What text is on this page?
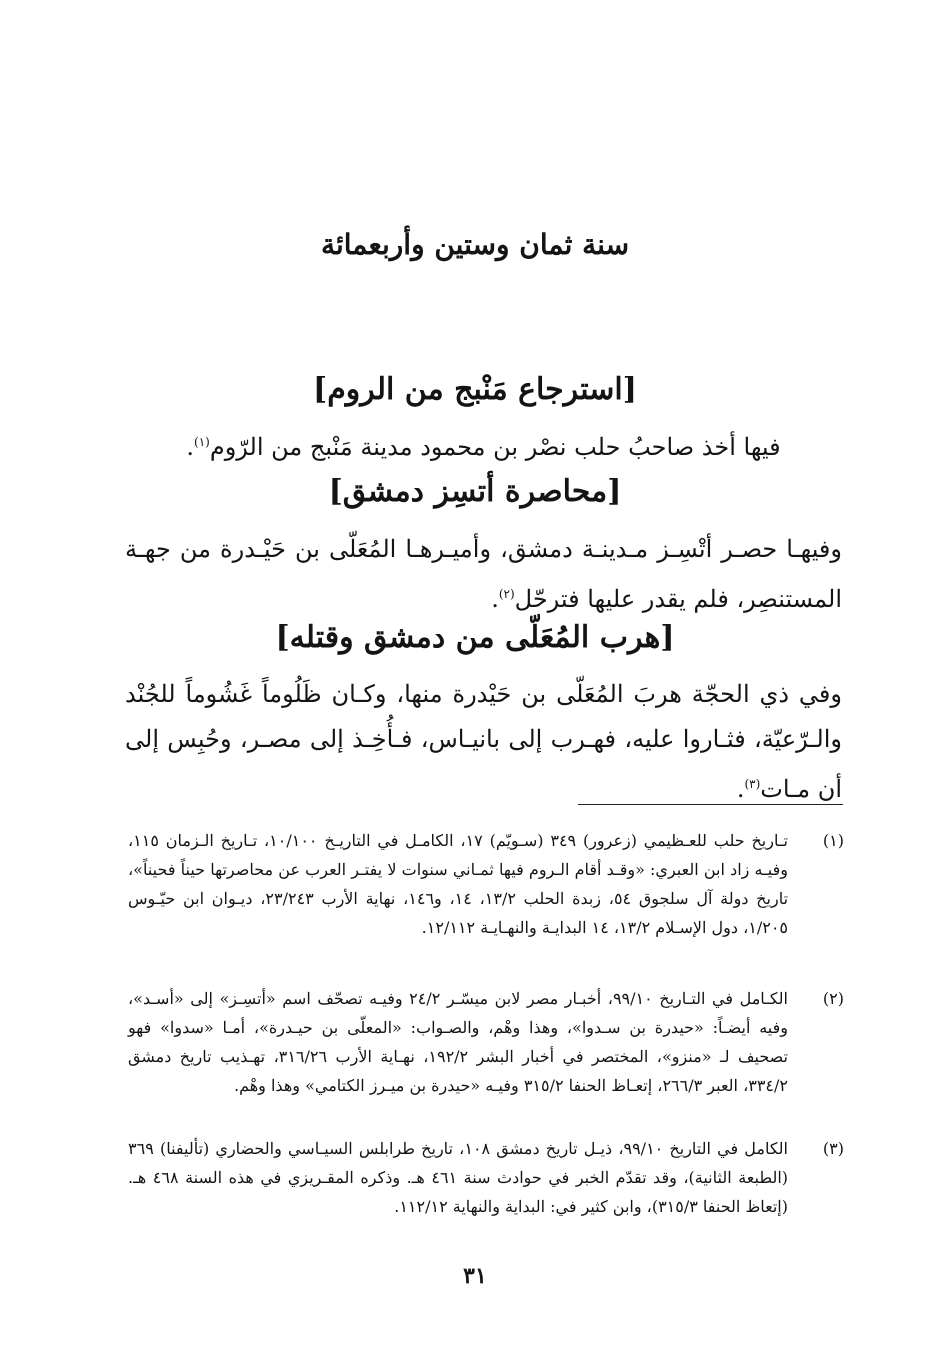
سنة ثمان وستين وأربعمائة
[استرجاع مَنْبج من الروم]
فيها أخذ صاحبُ حلب نصْر بن محمود مدينة مَنْبج من الرّوم$^{(١)}$.
[محاصرة أتسِز دمشق]
وفيهـا حصـر أتْسِـز مـدينـة دمشق، وأميـرهـا المُعَلّى بن حَيْـدرة من جهـة المستنصِر، فلم يقدر عليها فترحّل$^{(٢)}$.
[هرب المُعَلّى من دمشق وقتله]
وفي ذي الحجّة هربَ المُعَلّى بن حَيْدرة منها، وكـان ظَلُوماً غَشُوماً للجُنْد والـرّعيّة، فثـاروا عليه، فهـرب إلى بانيـاس، فـأُخِـذ إلى مصـر، وحُبِس إلى أن مـات$^{(٣)}$.
(١)
تـاريخ حلب للعـظيمي (زعرور) ٣٤٩ (سـويّم) ١٧، الكامـل في التاريـخ ١٠/١٠٠، تـاريخ الـزمان ١١٥، وفيـه زاد ابن العبري: «وقـد أقام الـروم فيها ثمـاني سنوات لا يفتـر العرب عن محاصرتها حيناً فحيناً»، تاريخ دولة آل سلجوق ٥٤، زبدة الحلب ١٣/٢، ١٤، و١٤٦، نهاية الأرب ٢٣/٢٤٣، ديـوان ابن حيّـوس ١/٢٠٥، دول الإسـلام ١٣/٢، ١٤ البدايـة والنهـايـة ١٢/١١٢.
(٢)
الكـامل في التـاريخ ٩٩/١٠، أخبـار مصر لابن ميسّـر ٢٤/٢ وفيـه تصحّف اسم «أتسِـز» إلى «أسـد»، وفيه أيضـاً: «حيدرة بن سـدوا»، وهذا وهْم، والصـواب: «المعلّى بن حيـدرة»، أمـا «سدوا» فهو تصحيف لـ «منزو»، المختصر في أخبار البشر ١٩٢/٢، نهـاية الأرب ٣١٦/٢٦، تهـذيب تاريخ دمشق ٣٣٤/٢، العبر ٢٦٦/٣، إتعـاظ الحنفا ٣١٥/٢ وفيـه «حيدرة بن ميـرز الكتامي» وهذا وهْم.
(٣)
الكامل في التاريخ ٩٩/١٠، ذيـل تاريخ دمشق ١٠٨، تاريخ طرابلس السيـاسي والحضاري (تأليفنا) ٣٦٩ (الطبعة الثانية)، وقد تقدّم الخبر في حوادث سنة ٤٦١ هـ. وذكره المقـريزي في هذه السنة ٤٦٨ هـ. (إتعاظ الحنفا ٣١٥/٣)، وابن كثير في: البداية والنهاية ١١٢/١٢.
٣١
